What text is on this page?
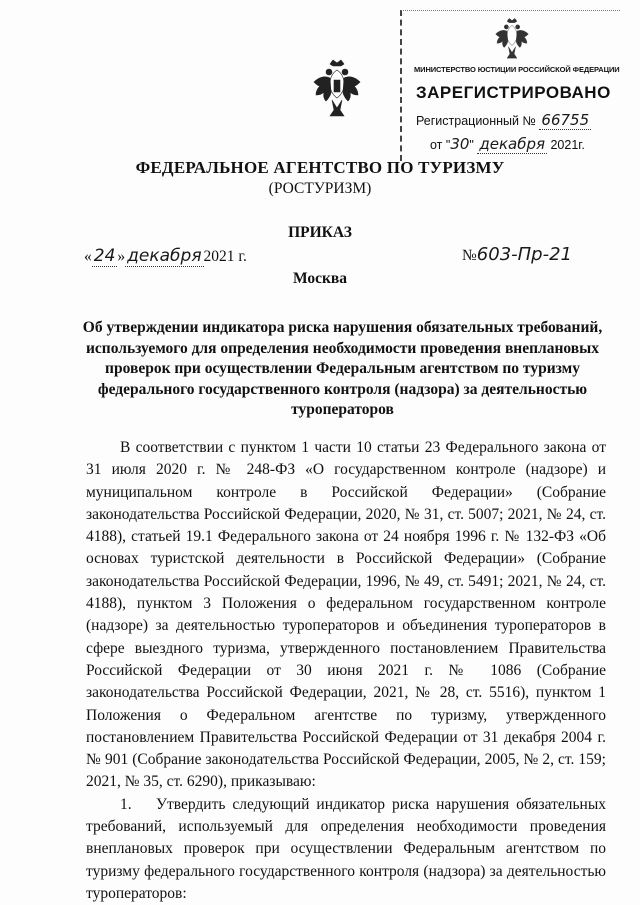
МИНИСТЕРСТВО ЮСТИЦИИ РОССИЙСКОЙ ФЕДЕРАЦИИ
ЗАРЕГИСТРИРОВАНО
Регистрационный № 66755
от "30" декабря 2021г.
ФЕДЕРАЛЬНОЕ АГЕНТСТВО ПО ТУРИЗМУ
(РОСТУРИЗМ)
ПРИКАЗ
« 24 » декабря 2021 г.	№603-Пр-21
Москва
Об утверждении индикатора риска нарушения обязательных требований, используемого для определения необходимости проведения внеплановых проверок при осуществлении Федеральным агентством по туризму федерального государственного контроля (надзора) за деятельностью туроператоров

В соответствии с пунктом 1 части 10 статьи 23 Федерального закона от 31 июля 2020 г. № 248-ФЗ «О государственном контроле (надзоре) и муниципальном контроле в Российской Федерации» (Собрание законодательства Российской Федерации, 2020, № 31, ст. 5007; 2021, № 24, ст. 4188), статьей 19.1 Федерального закона от 24 ноября 1996 г. № 132-ФЗ «Об основах туристской деятельности в Российской Федерации» (Собрание законодательства Российской Федерации, 1996, № 49, ст. 5491; 2021, № 24, ст. 4188), пунктом 3 Положения о федеральном государственном контроле (надзоре) за деятельностью туроператоров и объединения туроператоров в сфере выездного туризма, утвержденного постановлением Правительства Российской Федерации от 30 июня 2021 г. № 1086 (Собрание законодательства Российской Федерации, 2021, № 28, ст. 5516), пунктом 1 Положения о Федеральном агентстве по туризму, утвержденного постановлением Правительства Российской Федерации от 31 декабря 2004 г. № 901 (Собрание законодательства Российской Федерации, 2005, № 2, ст. 159; 2021, № 35, ст. 6290), приказываю:

1. Утвердить следующий индикатор риска нарушения обязательных требований, используемый для определения необходимости проведения внеплановых проверок при осуществлении Федеральным агентством по туризму федерального государственного контроля (надзора) за деятельностью туроператоров:
